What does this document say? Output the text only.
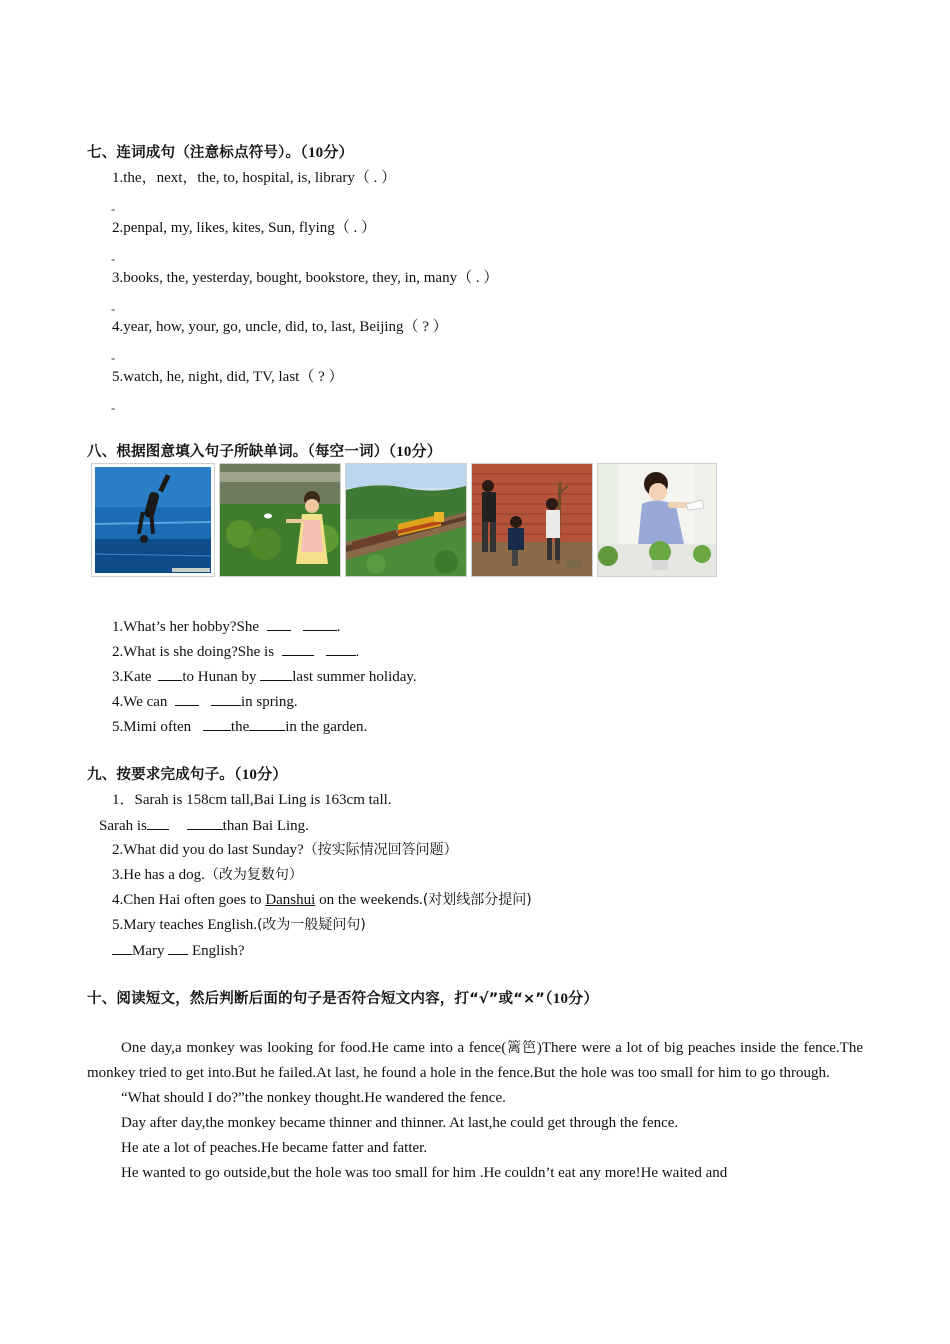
七、连词成句（注意标点符号）。（10分）
1.the，next，the, to, hospital, is, library（ . ）
-
2.penpal, my, likes, kites, Sun, flying（ . ）
-
3.books, the, yesterday, bought, bookstore, they, in, many（ . ）
-
4.year, how, your, go, uncle, did, to, last, Beijing（ ? ）
-
5.watch, he, night, did, TV, last（ ? ）
-
八、根据图意填入句子所缺单词。（每空一词）（10分）
1.What’s her hobby?She	.
2.What is she doing?She is	.
3.Kate to Hunan by last summer holiday.
4.We can	in spring.
5.Mimi often	the in the garden.
九、按要求完成句子。（10分）
1．Sarah is 158cm tall,Bai Ling is 163cm tall.
Sarah is	than Bai Ling.
2.What did you do last Sunday?（按实际情况回答问题）
3.He has a dog.（改为复数句）
4.Chen Hai often goes to Danshui on the weekends.(对划线部分提问)
5.Mary teaches English.(改为一般疑问句)
Mary English?
十、阅读短文，然后判断后面的句子是否符合短文内容，打“√”或“×”（10分）

One day,a monkey was looking for food.He came into a fence(篱笆)There were a lot of big peaches inside the fence.The monkey tried to get into.But he failed.At last, he found a hole in the fence.But the hole was too small for him to go through.

“What should I do?”the nonkey thought.He wandered the fence.

Day after day,the monkey became thinner and thinner. At last,he could get through the fence.

He ate a lot of peaches.He became fatter and fatter.

He wanted to go outside,but the hole was too small for him .He couldn’t eat any more!He waited and
